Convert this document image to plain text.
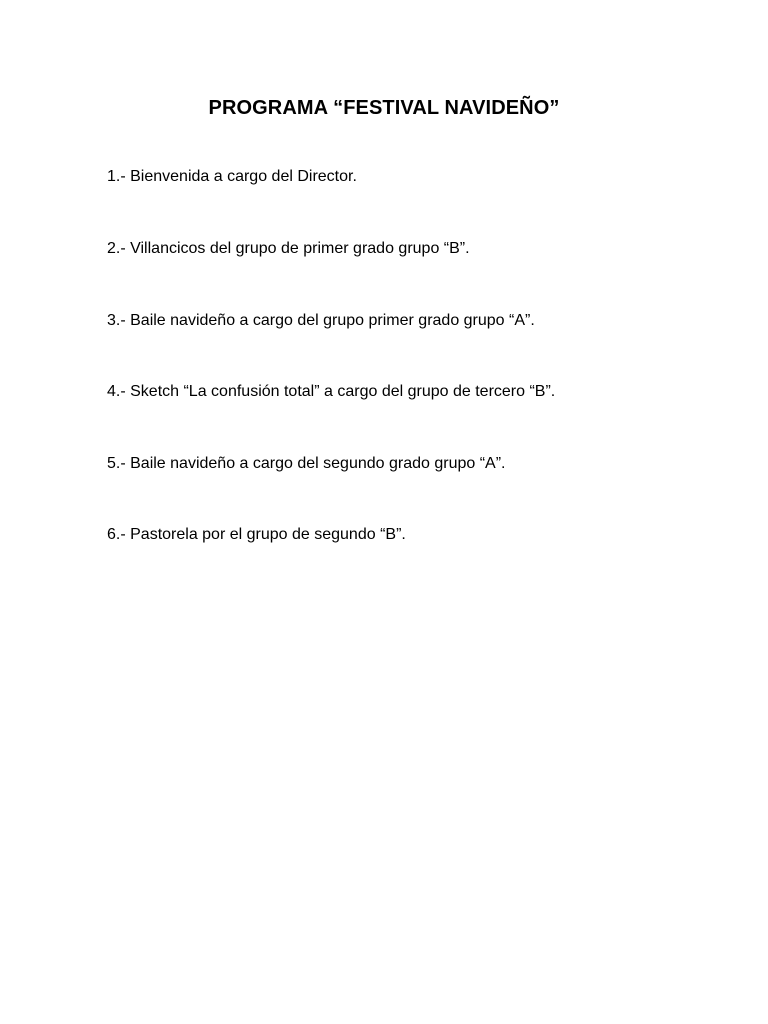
PROGRAMA “FESTIVAL NAVIDEÑO”
1.- Bienvenida a cargo del Director.
2.- Villancicos del grupo de primer grado grupo “B”.
3.- Baile navideño a cargo del grupo primer grado grupo “A”.
4.- Sketch “La confusión total” a cargo del grupo de tercero “B”.
5.- Baile navideño a cargo del segundo grado grupo “A”.
6.- Pastorela por el grupo de segundo “B”.
